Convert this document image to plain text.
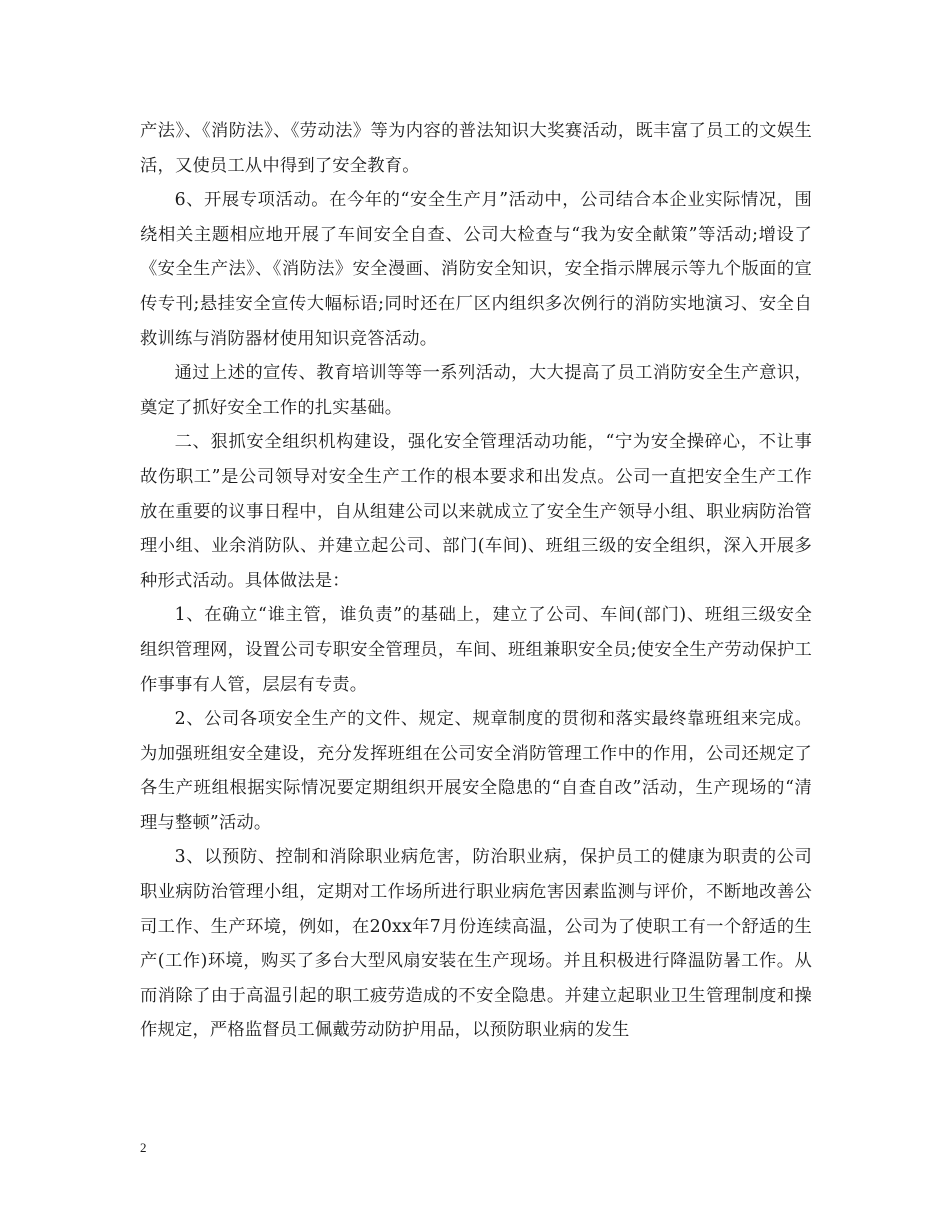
产法》、《消防法》、《劳动法》等为内容的普法知识大奖赛活动，既丰富了员工的文娱生活，又使员工从中得到了安全教育。

6、开展专项活动。在今年的“安全生产月”活动中，公司结合本企业实际情况，围绕相关主题相应地开展了车间安全自查、公司大检查与“我为安全献策”等活动;增设了《安全生产法》、《消防法》安全漫画、消防安全知识，安全指示牌展示等九个版面的宣传专刊;悬挂安全宣传大幅标语;同时还在厂区内组织多次例行的消防实地演习、安全自救训练与消防器材使用知识竞答活动。

通过上述的宣传、教育培训等等一系列活动，大大提高了员工消防安全生产意识，奠定了抓好安全工作的扎实基础。

二、狠抓安全组织机构建设，强化安全管理活动功能，“宁为安全操碎心，不让事故伤职工”是公司领导对安全生产工作的根本要求和出发点。公司一直把安全生产工作放在重要的议事日程中，自从组建公司以来就成立了安全生产领导小组、职业病防治管理小组、业余消防队、并建立起公司、部门(车间)、班组三级的安全组织，深入开展多种形式活动。具体做法是：

1、在确立“谁主管，谁负责”的基础上，建立了公司、车间(部门)、班组三级安全组织管理网，设置公司专职安全管理员，车间、班组兼职安全员;使安全生产劳动保护工作事事有人管，层层有专责。

2、公司各项安全生产的文件、规定、规章制度的贯彻和落实最终靠班组来完成。为加强班组安全建设，充分发挥班组在公司安全消防管理工作中的作用，公司还规定了各生产班组根据实际情况要定期组织开展安全隐患的“自查自改”活动，生产现场的“清理与整顿”活动。

3、以预防、控制和消除职业病危害，防治职业病，保护员工的健康为职责的公司职业病防治管理小组，定期对工作场所进行职业病危害因素监测与评价，不断地改善公司工作、生产环境，例如，在20xx年7月份连续高温，公司为了使职工有一个舒适的生产(工作)环境，购买了多台大型风扇安装在生产现场。并且积极进行降温防暑工作。从而消除了由于高温引起的职工疲劳造成的不安全隐患。并建立起职业卫生管理制度和操作规定，严格监督员工佩戴劳动防护用品，以预防职业病的发生

2
